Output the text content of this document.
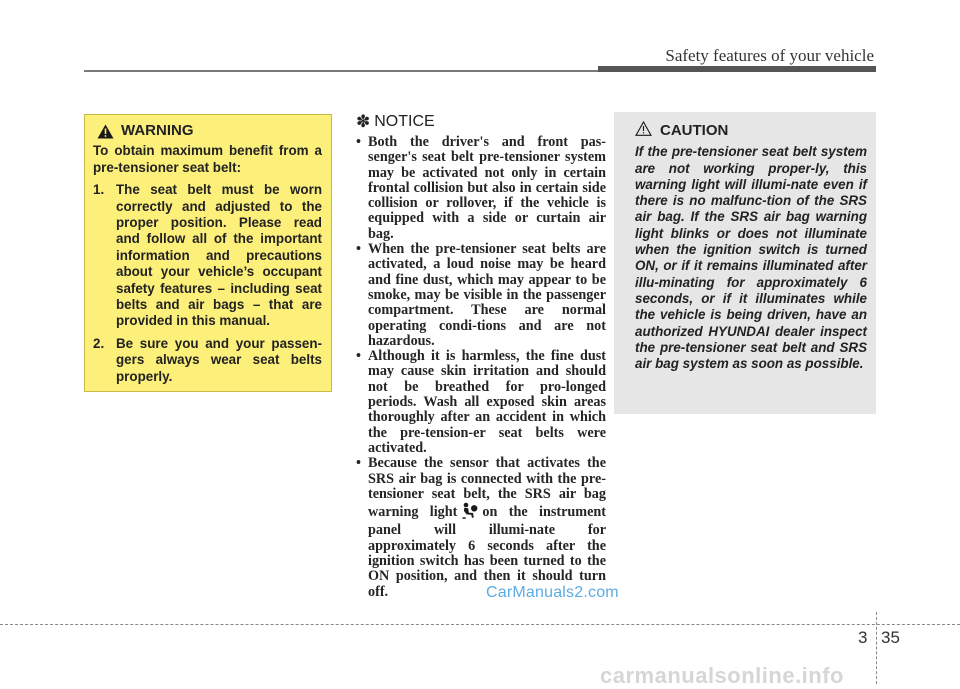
Safety features of your vehicle
WARNING
To obtain maximum benefit from a pre-tensioner seat belt:
1. The seat belt must be worn correctly and adjusted to the proper position. Please read and follow all of the important information and precautions about your vehicle’s occupant safety features – including seat belts and air bags – that are provided in this manual.
2. Be sure you and your passen-gers always wear seat belts properly.
✽ NOTICE
• Both the driver's and front pas-senger's seat belt pre-tensioner system may be activated not only in certain frontal collision but also in certain side collision or rollover, if the vehicle is equipped with a side or curtain air bag.
• When the pre-tensioner seat belts are activated, a loud noise may be heard and fine dust, which may appear to be smoke, may be visible in the passenger compartment. These are normal operating condi-tions and are not hazardous.
• Although it is harmless, the fine dust may cause skin irritation and should not be breathed for pro-longed periods. Wash all exposed skin areas thoroughly after an accident in which the pre-tension-er seat belts were activated.
• Because the sensor that activates the SRS air bag is connected with the pre-tensioner seat belt, the SRS air bag warning light on the instrument panel will illumi-nate for approximately 6 seconds after the ignition switch has been turned to the ON position, and then it should turn off.
CAUTION
If the pre-tensioner seat belt system are not working proper-ly, this warning light will illumi-nate even if there is no malfunc-tion of the SRS air bag. If the SRS air bag warning light blinks or does not illuminate when the ignition switch is turned ON, or if it remains illuminated after illu-minating for approximately 6 seconds, or if it illuminates while the vehicle is being driven, have an authorized HYUNDAI dealer inspect the pre-tensioner seat belt and SRS air bag system as soon as possible.
3 35
CarManuals2.com
carmanualsonline.info
